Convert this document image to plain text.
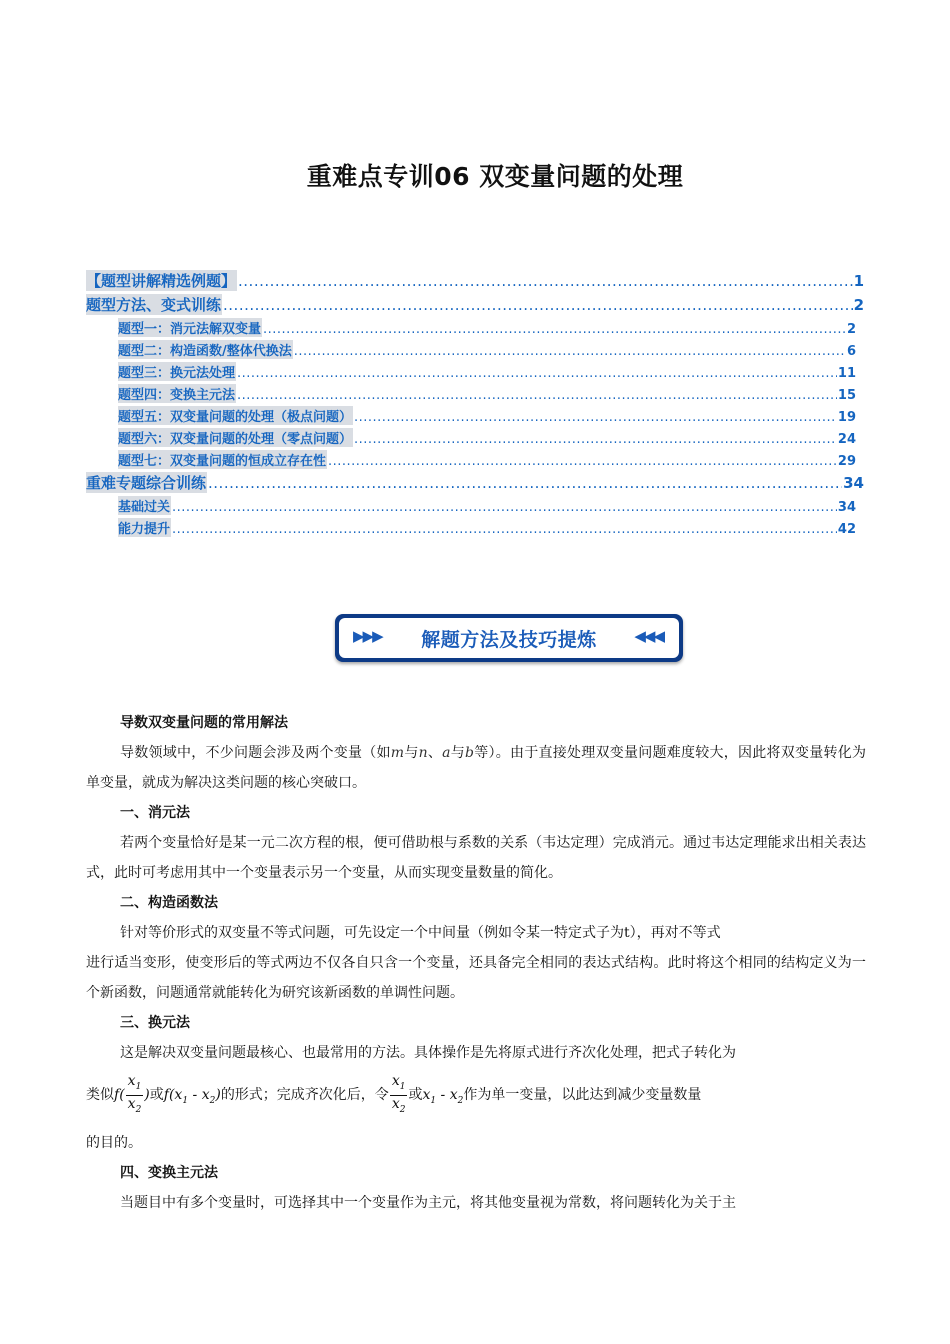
重难点专训06 双变量问题的处理
【题型讲解精选例题】 .....	1
题型方法、变式训练 .....	2
题型一：消元法解双变量 .....	2
题型二：构造函数/整体代换法 .....	6
题型三：换元法处理 .....	11
题型四：变换主元法 .....	15
题型五：双变量问题的处理（极点问题） .....	19
题型六：双变量问题的处理（零点问题） .....	24
题型七：双变量问题的恒成立存在性 .....	29
重难专题综合训练 .....	34
基础过关 .....	34
能力提升 .....	42
▶▶▶ 解题方法及技巧提炼	◀◀◀
导数双变量问题的常用解法
导数领域中，不少问题会涉及两个变量（如m与n、a与b等）。由于直接处理双变量问题难度较大，因此将双变量转化为单变量，就成为解决这类问题的核心突破口。
一、消元法
若两个变量恰好是某一元二次方程的根，便可借助根与系数的关系（韦达定理）完成消元。通过韦达定理能求出相关表达式，此时可考虑用其中一个变量表示另一个变量，从而实现变量数量的简化。
二、构造函数法
针对等价形式的双变量不等式问题，可先设定一个中间量（例如令某一特定式子为t），再对不等式
进行适当变形，使变形后的等式两边不仅各自只含一个变量，还具备完全相同的表达式结构。此时将这个相同的结构定义为一个新函数，问题通常就能转化为研究该新函数的单调性问题。
三、换元法
这是解决双变量问题最核心、也最常用的方法。具体操作是先将原式进行齐次化处理，把式子转化为
类似$f( \frac{x_1}{x_2}$ )或$f(x_1 - x_2)$的形式；完成齐次化后，令 $\frac{x_1}{x_2}$ 或$x_1 - x_2$作为单一变量，以此达到减少变量数量
的目的。
四、变换主元法
当题目中有多个变量时，可选择其中一个变量作为主元，将其他变量视为常数，将问题转化为关于主
